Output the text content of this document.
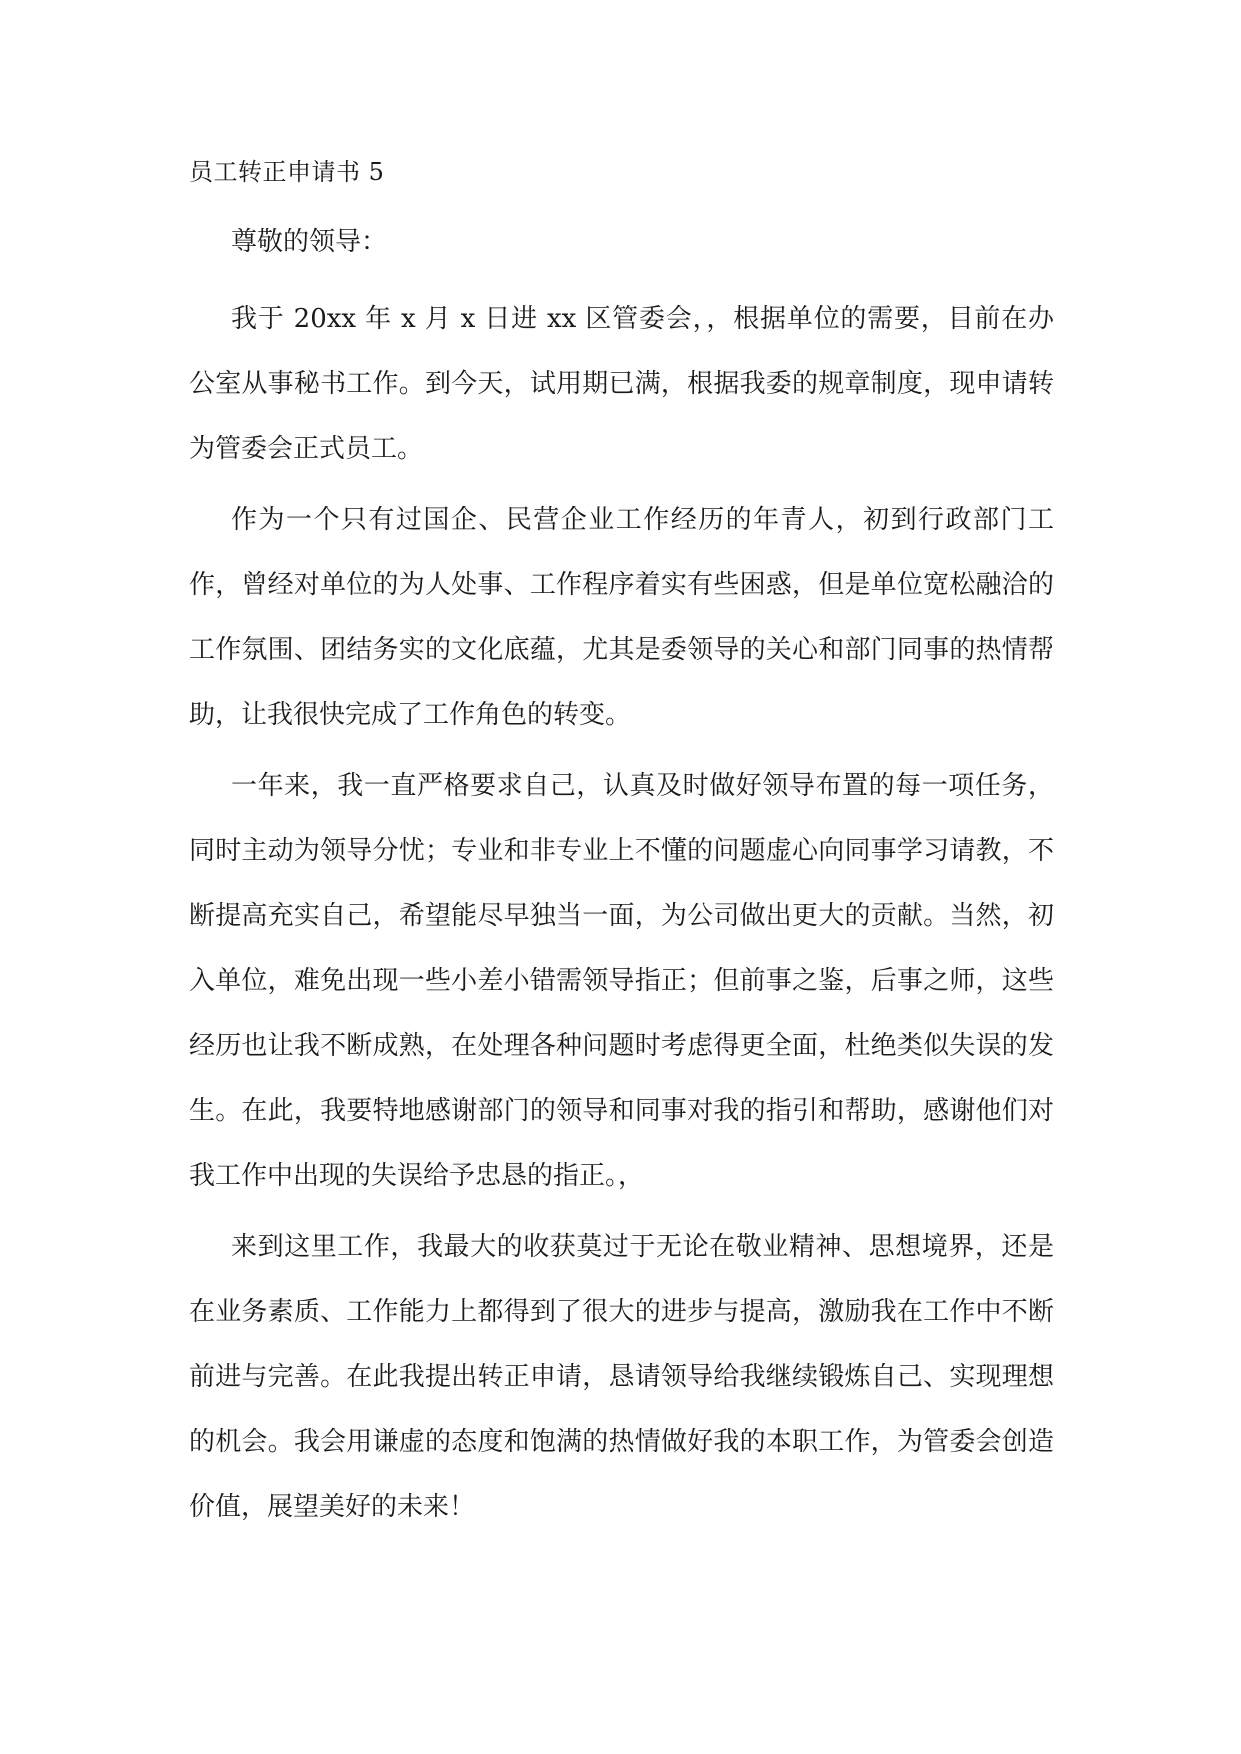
员工转正申请书 5

尊敬的领导：

我于 20xx 年 x 月 x 日进 xx 区管委会，，根据单位的需要，目前在办公室从事秘书工作。到今天，试用期已满，根据我委的规章制度，现申请转为管委会正式员工。

作为一个只有过国企、民营企业工作经历的年青人，初到行政部门工作，曾经对单位的为人处事、工作程序着实有些困惑，但是单位宽松融洽的工作氛围、团结务实的文化底蕴，尤其是委领导的关心和部门同事的热情帮助，让我很快完成了工作角色的转变。

一年来，我一直严格要求自己，认真及时做好领导布置的每一项任务，同时主动为领导分忧；专业和非专业上不懂的问题虚心向同事学习请教，不断提高充实自己，希望能尽早独当一面，为公司做出更大的贡献。当然，初入单位，难免出现一些小差小错需领导指正；但前事之鉴，后事之师，这些经历也让我不断成熟，在处理各种问题时考虑得更全面，杜绝类似失误的发生。在此，我要特地感谢部门的领导和同事对我的指引和帮助，感谢他们对我工作中出现的失误给予忠恳的指正。，

来到这里工作，我最大的收获莫过于无论在敬业精神、思想境界，还是在业务素质、工作能力上都得到了很大的进步与提高，激励我在工作中不断前进与完善。在此我提出转正申请，恳请领导给我继续锻炼自己、实现理想的机会。我会用谦虚的态度和饱满的热情做好我的本职工作，为管委会创造价值，展望美好的未来！
